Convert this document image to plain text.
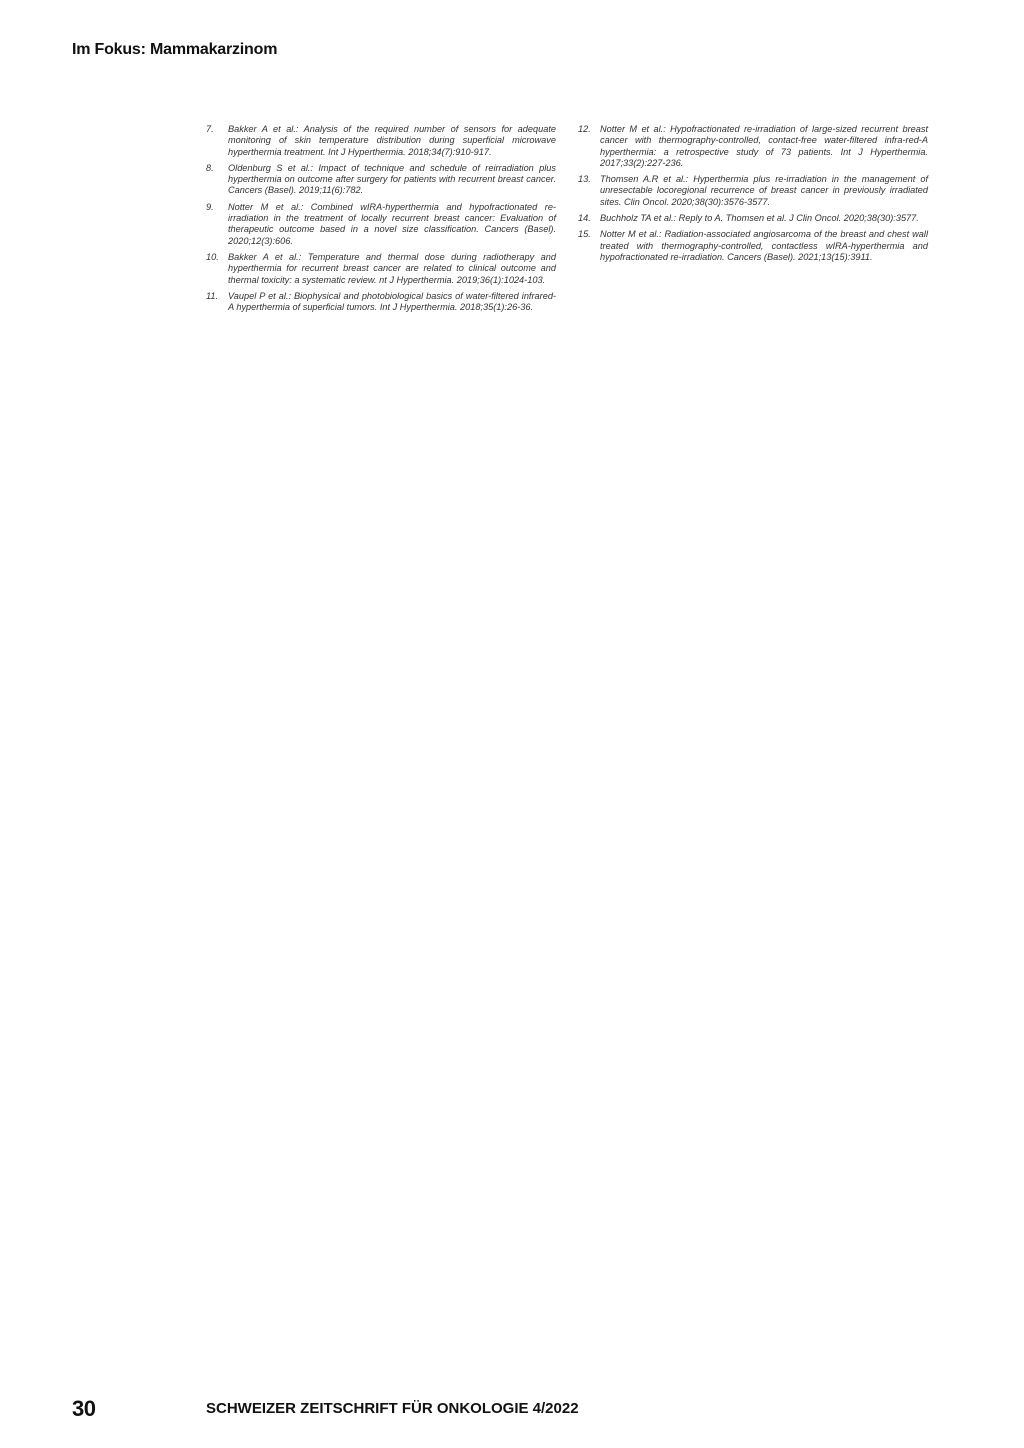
Im Fokus: Mammakarzinom
7. Bakker A et al.: Analysis of the required number of sensors for adequate monitoring of skin temperature distribution during superficial microwave hyperthermia treatment. Int J Hyperthermia. 2018;34(7):910-917.
8. Oldenburg S et al.: Impact of technique and schedule of reirradiation plus hyperthermia on outcome after surgery for patients with recurrent breast cancer. Cancers (Basel). 2019;11(6):782.
9. Notter M et al.: Combined wIRA-hyperthermia and hypofractionated re-irradiation in the treatment of locally recurrent breast cancer: Evaluation of therapeutic outcome based in a novel size classification. Cancers (Basel). 2020;12(3):606.
10. Bakker A et al.: Temperature and thermal dose during radiotherapy and hyperthermia for recurrent breast cancer are related to clinical outcome and thermal toxicity: a systematic review. nt J Hyperthermia. 2019;36(1):1024-103.
11. Vaupel P et al.: Biophysical and photobiological basics of water-filtered infrared-A hyperthermia of superficial tumors. Int J Hyperthermia. 2018;35(1):26-36.
12. Notter M et al.: Hypofractionated re-irradiation of large-sized recurrent breast cancer with thermography-controlled, contact-free water-filtered infra-red-A hyperthermia: a retrospective study of 73 patients. Int J Hyperthermia. 2017;33(2):227-236.
13. Thomsen A.R et al.: Hyperthermia plus re-irradiation in the management of unresectable locoregional recurrence of breast cancer in previously irradiated sites. Clin Oncol. 2020;38(30):3576-3577.
14. Buchholz TA et al.: Reply to A. Thomsen et al. J Clin Oncol. 2020;38(30):3577.
15. Notter M et al.: Radiation-associated angiosarcoma of the breast and chest wall treated with thermography-controlled, contactless wIRA-hyperthermia and hypofractionated re-irradiation. Cancers (Basel). 2021;13(15):3911.
30	SCHWEIZER ZEITSCHRIFT FÜR ONKOLOGIE 4/2022
